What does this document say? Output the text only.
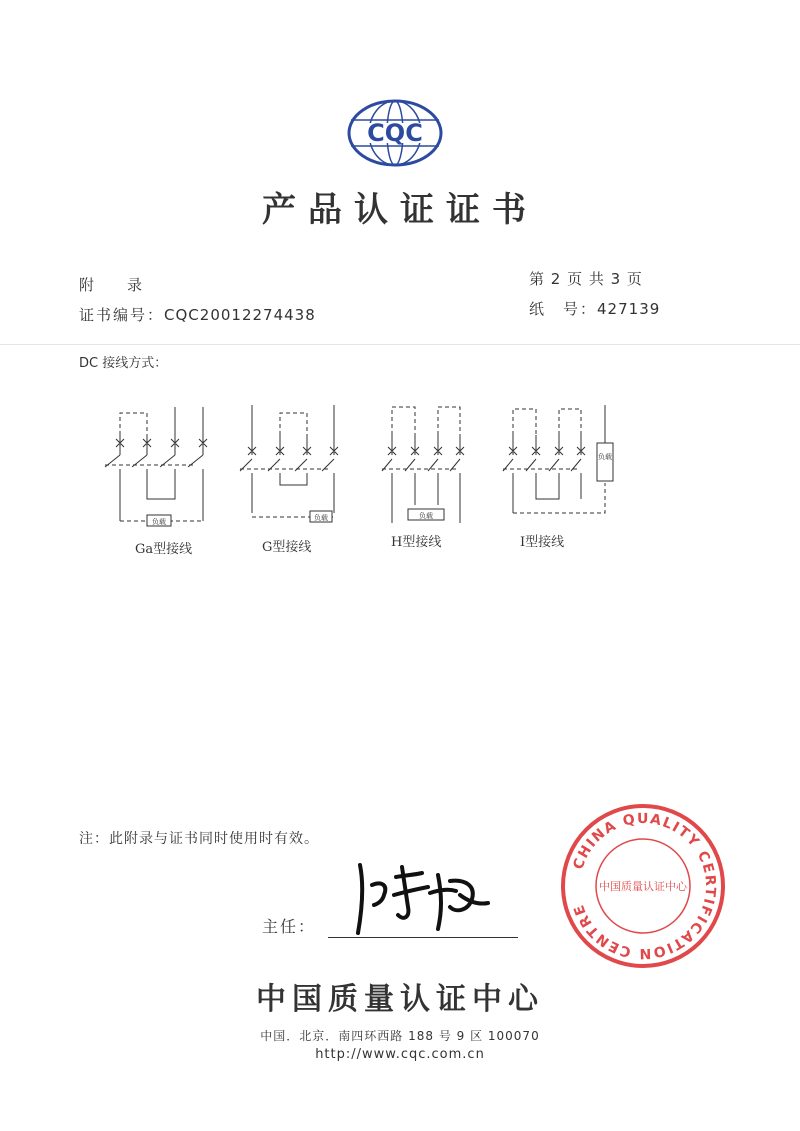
CQC
产品认证证书
附　　录
证书编号：CQC20012274438
第 2 页 共 3 页
纸　号：427139
DC 接线方式：
负载	负载	负载
负载
Ga型接线	G型接线	H型接线	I型接线
注：此附录与证书同时使用时有效。
主任：
CHINA QUALITY CERTIFICATION CENTRE
中国质量认证中心
中国质量认证中心
中国．北京．南四环西路 188 号 9 区 100070
http://www.cqc.com.cn
